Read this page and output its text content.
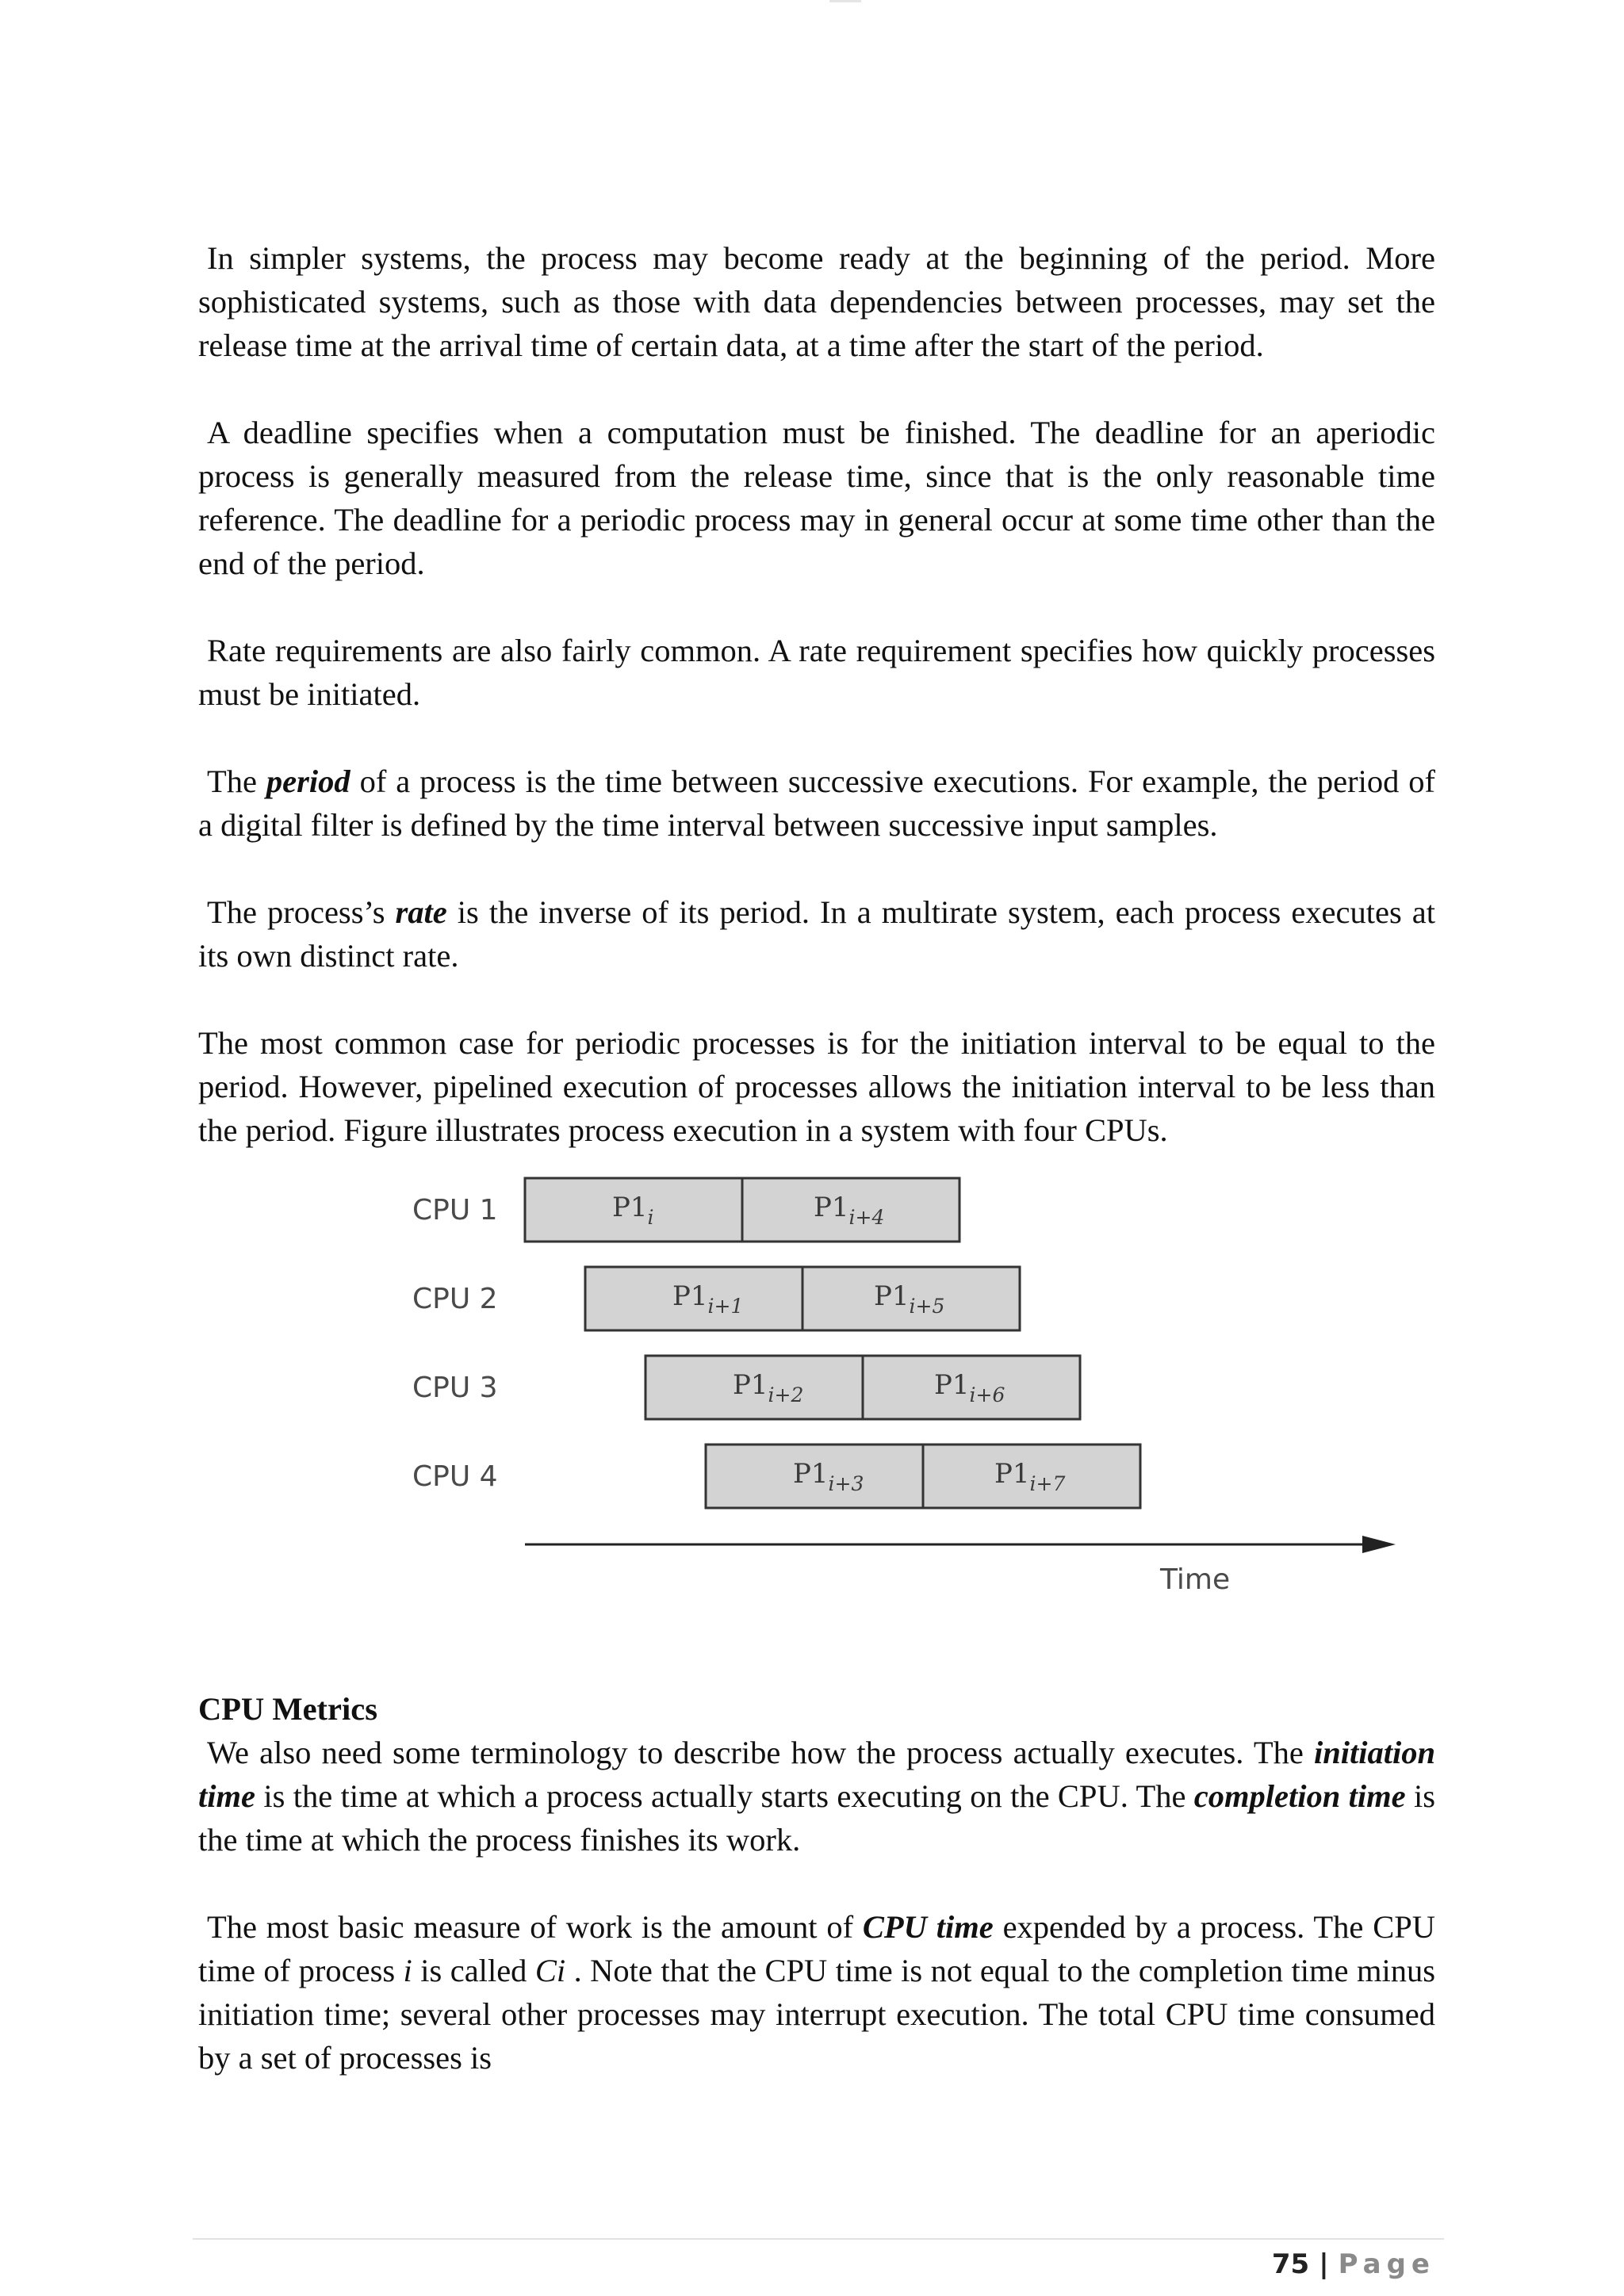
In simpler systems, the process may become ready at the beginning of the period. More sophisticated systems, such as those with data dependencies between processes, may set the release time at the arrival time of certain data, at a time after the start of the period.

A deadline specifies when a computation must be finished. The deadline for an aperiodic process is generally measured from the release time, since that is the only reasonable time reference. The deadline for a periodic process may in general occur at some time other than the end of the period.

Rate requirements are also fairly common. A rate requirement specifies how quickly processes must be initiated.

The period of a process is the time between successive executions. For example, the period of a digital filter is defined by the time interval between successive input samples.

The process’s rate is the inverse of its period. In a multirate system, each process executes at its own distinct rate.

The most common case for periodic processes is for the initiation interval to be equal to the period. However, pipelined execution of processes allows the initiation interval to be less than the period. Figure illustrates process execution in a system with four CPUs.

CPU 1	$P1_i$	$P1_{i+4}$
CPU 2	$P1_{i+1}$	$P1_{i+5}$
CPU 3	$P1_{i+2}$	$P1_{i+6}$
CPU 4	$P1_{i+3}$	$P1_{i+7}$
Time

CPU Metrics

We also need some terminology to describe how the process actually executes. The initiation time is the time at which a process actually starts executing on the CPU. The completion time is the time at which the process finishes its work.

The most basic measure of work is the amount of CPU time expended by a process. The CPU time of process i is called Ci . Note that the CPU time is not equal to the completion time minus initiation time; several other processes may interrupt execution. The total CPU time consumed by a set of processes is

75 | Page
